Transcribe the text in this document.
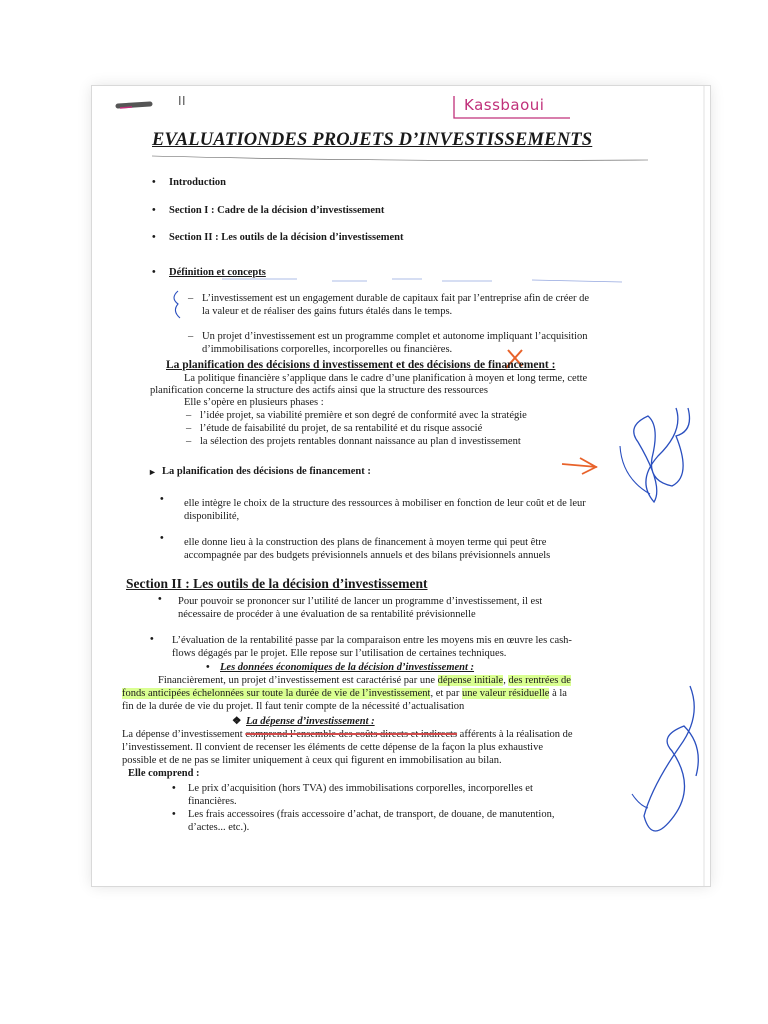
II	Kassbaoui
EVALUATIONDES PROJETS D’INVESTISSEMENTS
• Introduction
• Section I : Cadre de la décision d’investissement
• Section II : Les outils de la décision d’investissement
• Définition et concepts
– L’investissement est un engagement durable de capitaux fait par l’entreprise afin de créer de
la valeur et de réaliser des gains futurs étalés dans le temps.
– Un projet d’investissement est un programme complet et autonome impliquant l’acquisition
d’immobilisations corporelles, incorporelles ou financières.
La planification des décisions d investissement et des décisions de financement :
La politique financière s’applique dans le cadre d’une planification à moyen et long terme, cette
planification concerne la structure des actifs ainsi que la structure des ressources
Elle s’opère en plusieurs phases :
– l’idée projet, sa viabilité première et son degré de conformité avec la stratégie
– l’étude de faisabilité du projet, de sa rentabilité et du risque associé
– la sélection des projets rentables donnant naissance au plan d investissement
► La planification des décisions de financement :
• elle intègre le choix de la structure des ressources à mobiliser en fonction de leur coût et de leur
disponibilité,
• elle donne lieu à la construction des plans de financement à moyen terme qui peut être
accompagnée par des budgets prévisionnels annuels et des bilans prévisionnels annuels
Section II : Les outils de la décision d’investissement
• Pour pouvoir se prononcer sur l’utilité de lancer un programme d’investissement, il est
nécessaire de procéder à une évaluation de sa rentabilité prévisionnelle
• L’évaluation de la rentabilité passe par la comparaison entre les moyens mis en œuvre les cash-
flows dégagés par le projet. Elle repose sur l’utilisation de certaines techniques.
• Les données économiques de la décision d’investissement :
Financièrement, un projet d’investissement est caractérisé par une dépense initiale, des rentrées de
fonds anticipées échelonnées sur toute la durée de vie de l’investissement, et par une valeur résiduelle à la
fin de la durée de vie du projet. Il faut tenir compte de la nécessité d’actualisation
❖ La dépense d’investissement :
La dépense d’investissement comprend l’ensemble des coûts directs et indirects afférents à la réalisation de
l’investissement. Il convient de recenser les éléments de cette dépense de la façon la plus exhaustive
possible et de ne pas se limiter uniquement à ceux qui figurent en immobilisation au bilan.
Elle comprend :
• Le prix d’acquisition (hors TVA) des immobilisations corporelles, incorporelles et
financières.
• Les frais accessoires (frais accessoire d’achat, de transport, de douane, de manutention,
d’actes... etc.).
